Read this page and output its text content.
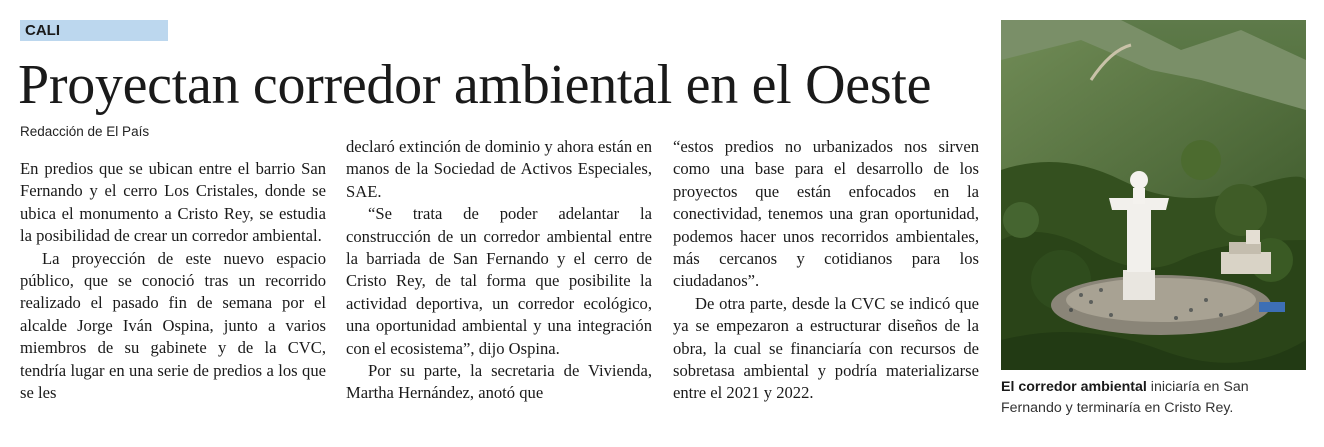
CALI
Proyectan corredor ambiental en el Oeste
Redacción de El País

En predios que se ubican entre el barrio San Fernando y el cerro Los Cristales, donde se ubica el monumento a Cristo Rey, se estudia la posibilidad de crear un corredor ambiental.

La proyección de este nuevo espacio público, que se conoció tras un recorrido realizado el pasado fin de semana por el alcalde Jorge Iván Ospina, junto a varios miembros de su gabinete y de la CVC, tendría lugar en una serie de predios a los que se les

declaró extinción de dominio y ahora están en manos de la Sociedad de Activos Especiales, SAE.

“Se trata de poder adelantar la construcción de un corredor ambiental entre la barriada de San Fernando y el cerro de Cristo Rey, de tal forma que posibilite la actividad deportiva, un corredor ecológico, una oportunidad ambiental y una integración con el ecosistema”, dijo Ospina.

Por su parte, la secretaria de Vivienda, Martha Hernández, anotó que

“estos predios no urbanizados nos sirven como una base para el desarrollo de los proyectos que están enfocados en la conectividad, tenemos una gran oportunidad, podemos hacer unos recorridos ambientales, más cercanos y cotidianos para los ciudadanos”.

De otra parte, desde la CVC se indicó que ya se empezaron a estructurar diseños de la obra, la cual se financiaría con recursos de sobretasa ambiental y podría materializarse entre el 2021 y 2022.	El corredor ambiental iniciaría en San Fernando y terminaría en Cristo Rey.
